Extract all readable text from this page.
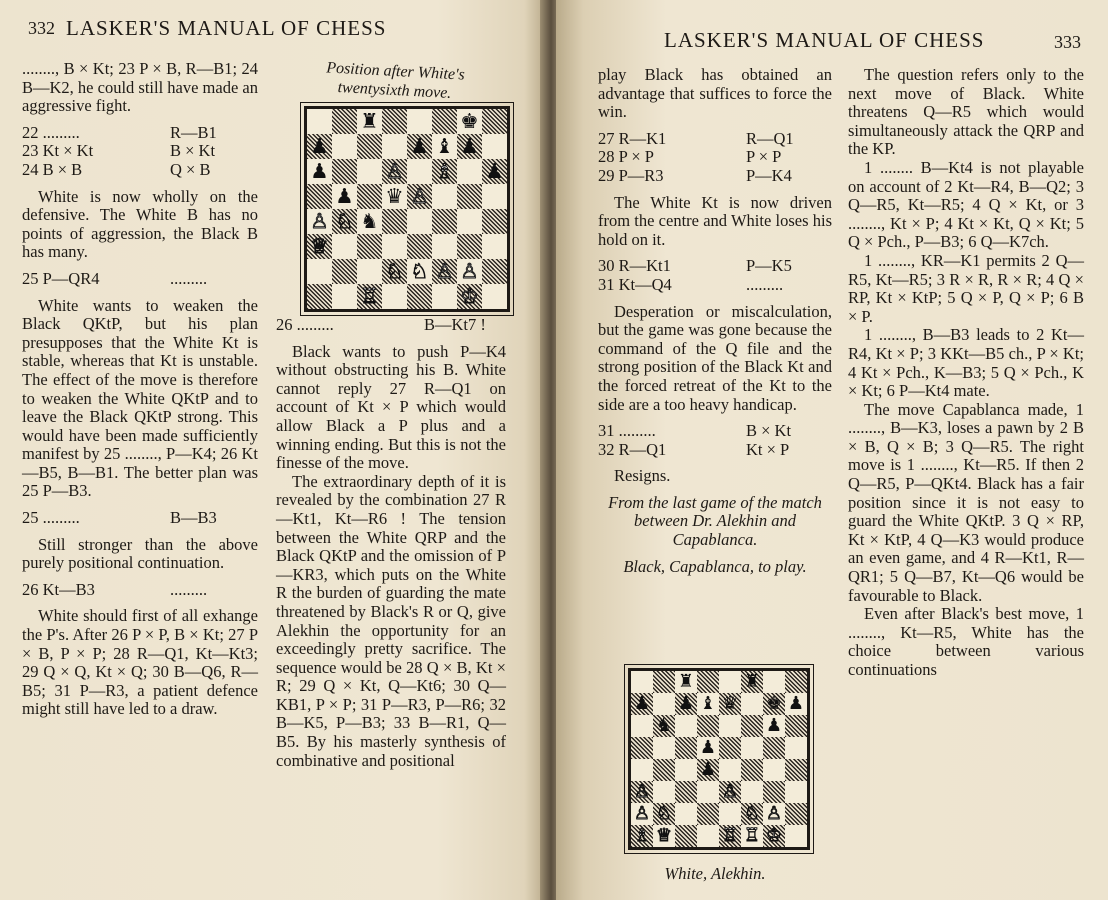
332 LASKER'S MANUAL OF CHESS

........, B × Kt; 23 P × B, R—B1; 24 B—K2, he could still have made an aggressive fight.

22 .........	R—B1
23 Kt × Kt	B × Kt
24 B × B	Q × B

White is now wholly on the defensive. The White B has no points of aggression, the Black B has many.

25 P—QR4	.........

White wants to weaken the Black QKtP, but his plan presupposes that the White Kt is stable, whereas that Kt is unstable. The effect of the move is therefore to weaken the White QKtP and to leave the Black QKtP strong. This would have been made sufficiently manifest by 25 ........, P—K4; 26 Kt—B5, B—B1. The better plan was 25 P—B3.

25 .........	B—B3

Still stronger than the above purely positional continuation.

26 Kt—B3	.........

White should first of all exhange the P's. After 26 P × P, B × Kt; 27 P × B, P × P; 28 R—Q1, Kt—Kt3; 29 Q × Q, Kt × Q; 30 B—Q6, R—B5; 31 P—R3, a patient defence might still have led to a draw.

Position after White's twentysixth move.
♜	♚
♟	♟ ♝ ♟
♟	♙ ♗ ♟
♟ ♛ ♙
♙ ♘ ♞
♕
♘ ♘ ♙ ♙
♖	♔
26 .........	B—Kt7 !

Black wants to push P—K4 without obstructing his B. White cannot reply 27 R—Q1 on account of Kt × P which would allow Black a P plus and a winning ending. But this is not the finesse of the move.

The extraordinary depth of it is revealed by the combination 27 R—Kt1, Kt—R6 ! The tension between the White QRP and the Black QKtP and the omission of P—KR3, which puts on the White R the burden of guarding the mate threatened by Black's R or Q, give Alekhin the opportunity for an exceedingly pretty sacrifice. The sequence would be 28 Q × B, Kt × R; 29 Q × Kt, Q—Kt6; 30 Q—KB1, P × P; 31 P—R3, P—R6; 32 B—K5, P—B3; 33 B—R1, Q—B5. By his masterly synthesis of combinative and positional

LASKER'S MANUAL OF CHESS	333

play Black has obtained an advantage that suffices to force the win.

27 R—K1	R—Q1
28 P × P	P × P
29 P—R3	P—K4

The White Kt is now driven from the centre and White loses his hold on it.

30 R—Kt1	P—K5
31 Kt—Q4	.........

Desperation or miscalculation, but the game was gone because the command of the Q file and the strong position of the Black Kt and the forced retreat of the Kt to the side are a too heavy handicap.

31 .........	B × Kt
32 R—Q1	Kt × P

Resigns.

From the last game of the match between Dr. Alekhin and Capablanca.

Black, Capablanca, to play.

♜	♜
♟ ♟ ♝ ♛ ♚ ♟
♞	♟
♟
♟
♙	♙
♙ ♘	♘ ♙
♗ ♕	♖ ♖ ♔
White, Alekhin.

The question refers only to the next move of Black. White threatens Q—R5 which would simultaneously attack the QRP and the KP.

1 ........ B—Kt4 is not playable on account of 2 Kt—R4, B—Q2; 3 Q—R5, Kt—R5; 4 Q × Kt, or 3 ........, Kt × P; 4 Kt × Kt, Q × Kt; 5 Q × Pch., P—B3; 6 Q—K7ch.

1 ........, KR—K1 permits 2 Q—R5, Kt—R5; 3 R × R, R × R; 4 Q × RP, Kt × KtP; 5 Q × P, Q × P; 6 B × P.

1 ........, B—B3 leads to 2 Kt—R4, Kt × P; 3 KKt—B5 ch., P × Kt; 4 Kt × Pch., K—B3; 5 Q × Pch., K × Kt; 6 P—Kt4 mate.

The move Capablanca made, 1 ........, B—K3, loses a pawn by 2 B × B, Q × B; 3 Q—R5. The right move is 1 ........, Kt—R5. If then 2 Q—R5, P—QKt4. Black has a fair position since it is not easy to guard the White QKtP. 3 Q × RP, Kt × KtP, 4 Q—K3 would produce an even game, and 4 R—Kt1, R—QR1; 5 Q—B7, Kt—Q6 would be favourable to Black.

Even after Black's best move, 1 ........, Kt—R5, White has the choice between various continuations
